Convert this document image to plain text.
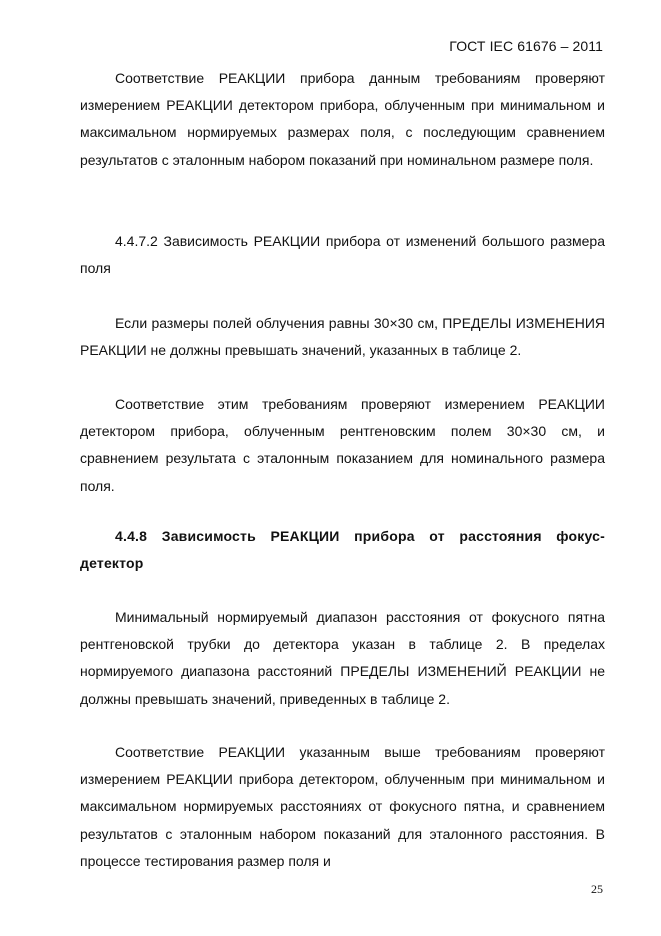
ГОСТ IEC 61676 – 2011
Соответствие РЕАКЦИИ прибора данным требованиям проверяют измерением РЕАКЦИИ детектором прибора, облученным при минимальном и максимальном нормируемых размерах поля, с последующим сравнением результатов с эталонным набором показаний при номинальном размере поля.
4.4.7.2 Зависимость РЕАКЦИИ прибора от изменений большого размера поля
Если размеры полей облучения равны 30×30 см, ПРЕДЕЛЫ ИЗМЕНЕНИЯ РЕАКЦИИ не должны превышать значений, указанных в таблице 2.
Соответствие этим требованиям проверяют измерением РЕАКЦИИ детектором прибора, облученным рентгеновским полем 30×30 см, и сравнением результата с эталонным показанием для номинального размера поля.
4.4.8 Зависимость РЕАКЦИИ прибора от расстояния фокус-детектор
Минимальный нормируемый диапазон расстояния от фокусного пятна рентгеновской трубки до детектора указан в таблице 2. В пределах нормируемого диапазона расстояний ПРЕДЕЛЫ ИЗМЕНЕНИЙ РЕАКЦИИ не должны превышать значений, приведенных в таблице 2.
Соответствие РЕАКЦИИ указанным выше требованиям проверяют измерением РЕАКЦИИ прибора детектором, облученным при минимальном и максимальном нормируемых расстояниях от фокусного пятна, и сравнением результатов с эталонным набором показаний для эталонного расстояния. В процессе тестирования размер поля и
25
